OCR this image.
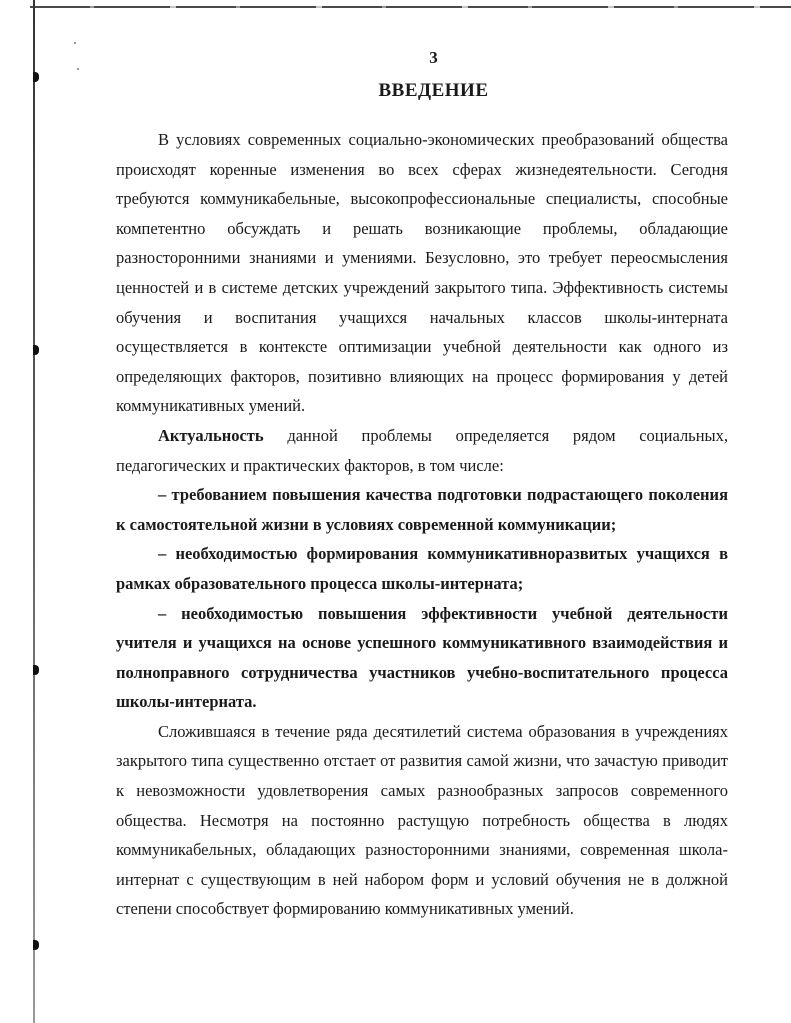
3
ВВЕДЕНИЕ

В условиях современных социально-экономических преобразований общества происходят коренные изменения во всех сферах жизнедеятельности. Сегодня требуются коммуникабельные, высокопрофессиональные специалисты, способные компетентно обсуждать и решать возникающие проблемы, обладающие разносторонними знаниями и умениями. Безусловно, это требует переосмысления ценностей и в системе детских учреждений закрытого типа. Эффективность системы обучения и воспитания учащихся начальных классов школы-интерната осуществляется в контексте оптимизации учебной деятельности как одного из определяющих факторов, позитивно влияющих на процесс формирования у детей коммуникативных умений.

Актуальность данной проблемы определяется рядом социальных, педагогических и практических факторов, в том числе:

– требованием повышения качества подготовки подрастающего поколения к самостоятельной жизни в условиях современной коммуникации;

– необходимостью формирования коммуникативноразвитых учащихся в рамках образовательного процесса школы-интерната;

– необходимостью повышения эффективности учебной деятельности учителя и учащихся на основе успешного коммуникативного взаимодействия и полноправного сотрудничества участников учебно-воспитательного процесса школы-интерната.

Сложившаяся в течение ряда десятилетий система образования в учреждениях закрытого типа существенно отстает от развития самой жизни, что зачастую приводит к невозможности удовлетворения самых разнообразных запросов современного общества. Несмотря на постоянно растущую потребность общества в людях коммуникабельных, обладающих разносторонними знаниями, современная школа-интернат с существующим в ней набором форм и условий обучения не в должной степени способствует формированию коммуникативных умений.
